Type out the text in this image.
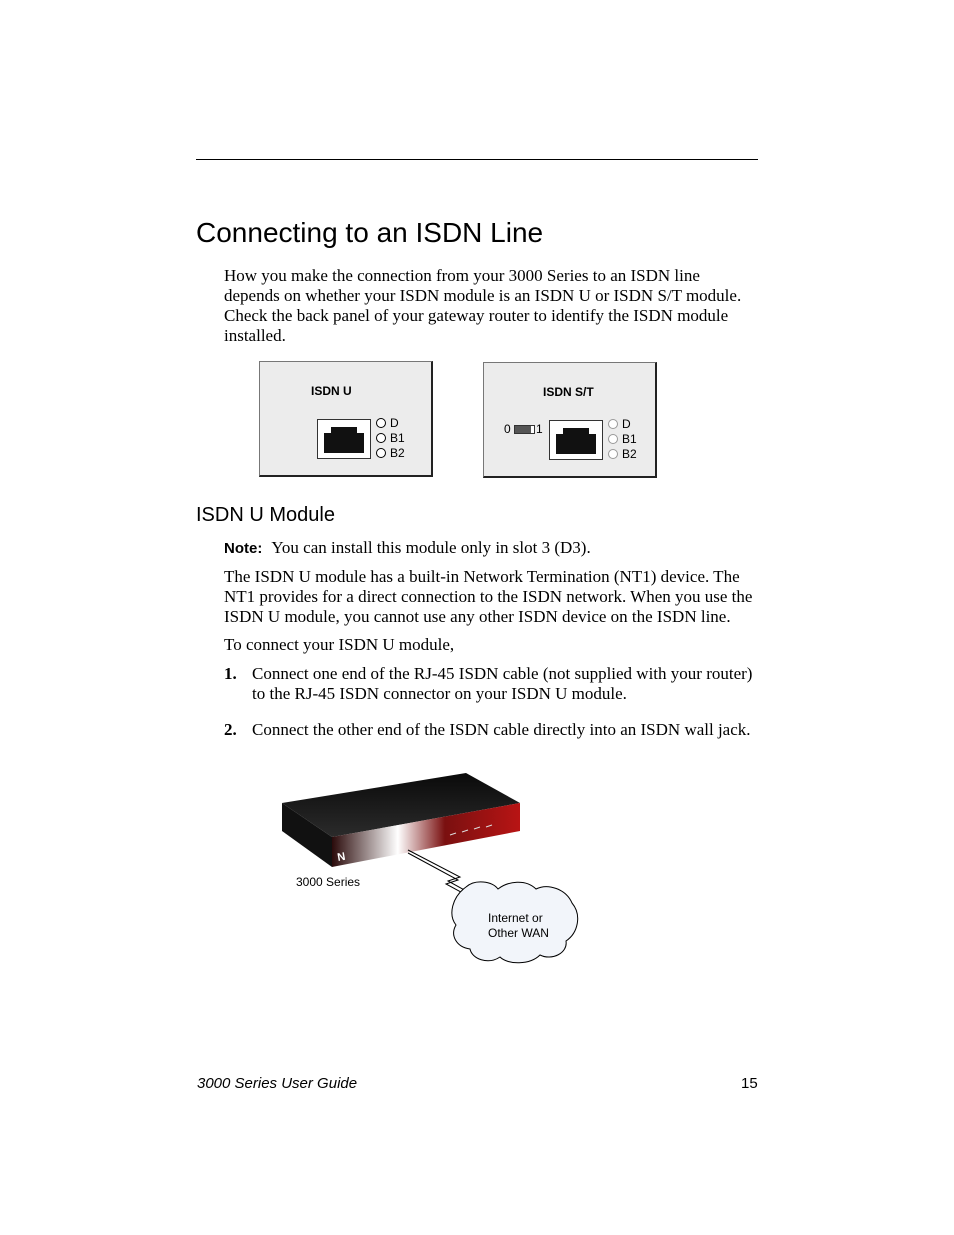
Connecting to an ISDN Line

How you make the connection from your 3000 Series to an ISDN line
depends on whether your ISDN module is an ISDN U or ISDN S/T module.
Check the back panel of your gateway router to identify the ISDN module
installed.

ISDN U
D
B1
B2
ISDN S/T
0 1	D
B1
B2
ISDN U Module
Note: You can install this module only in slot 3 (D3).

The ISDN U module has a built-in Network Termination (NT1) device. The
NT1 provides for a direct connection to the ISDN network. When you use the
ISDN U module, you cannot use any other ISDN device on the ISDN line.

To connect your ISDN U module,

1. Connect one end of the RJ-45 ISDN cable (not supplied with your router)
to the RJ-45 ISDN connector on your ISDN U module.
2. Connect the other end of the ISDN cable directly into an ISDN wall jack.
N
3000 Series
Internet or
Other WAN
3000 Series User Guide	15
